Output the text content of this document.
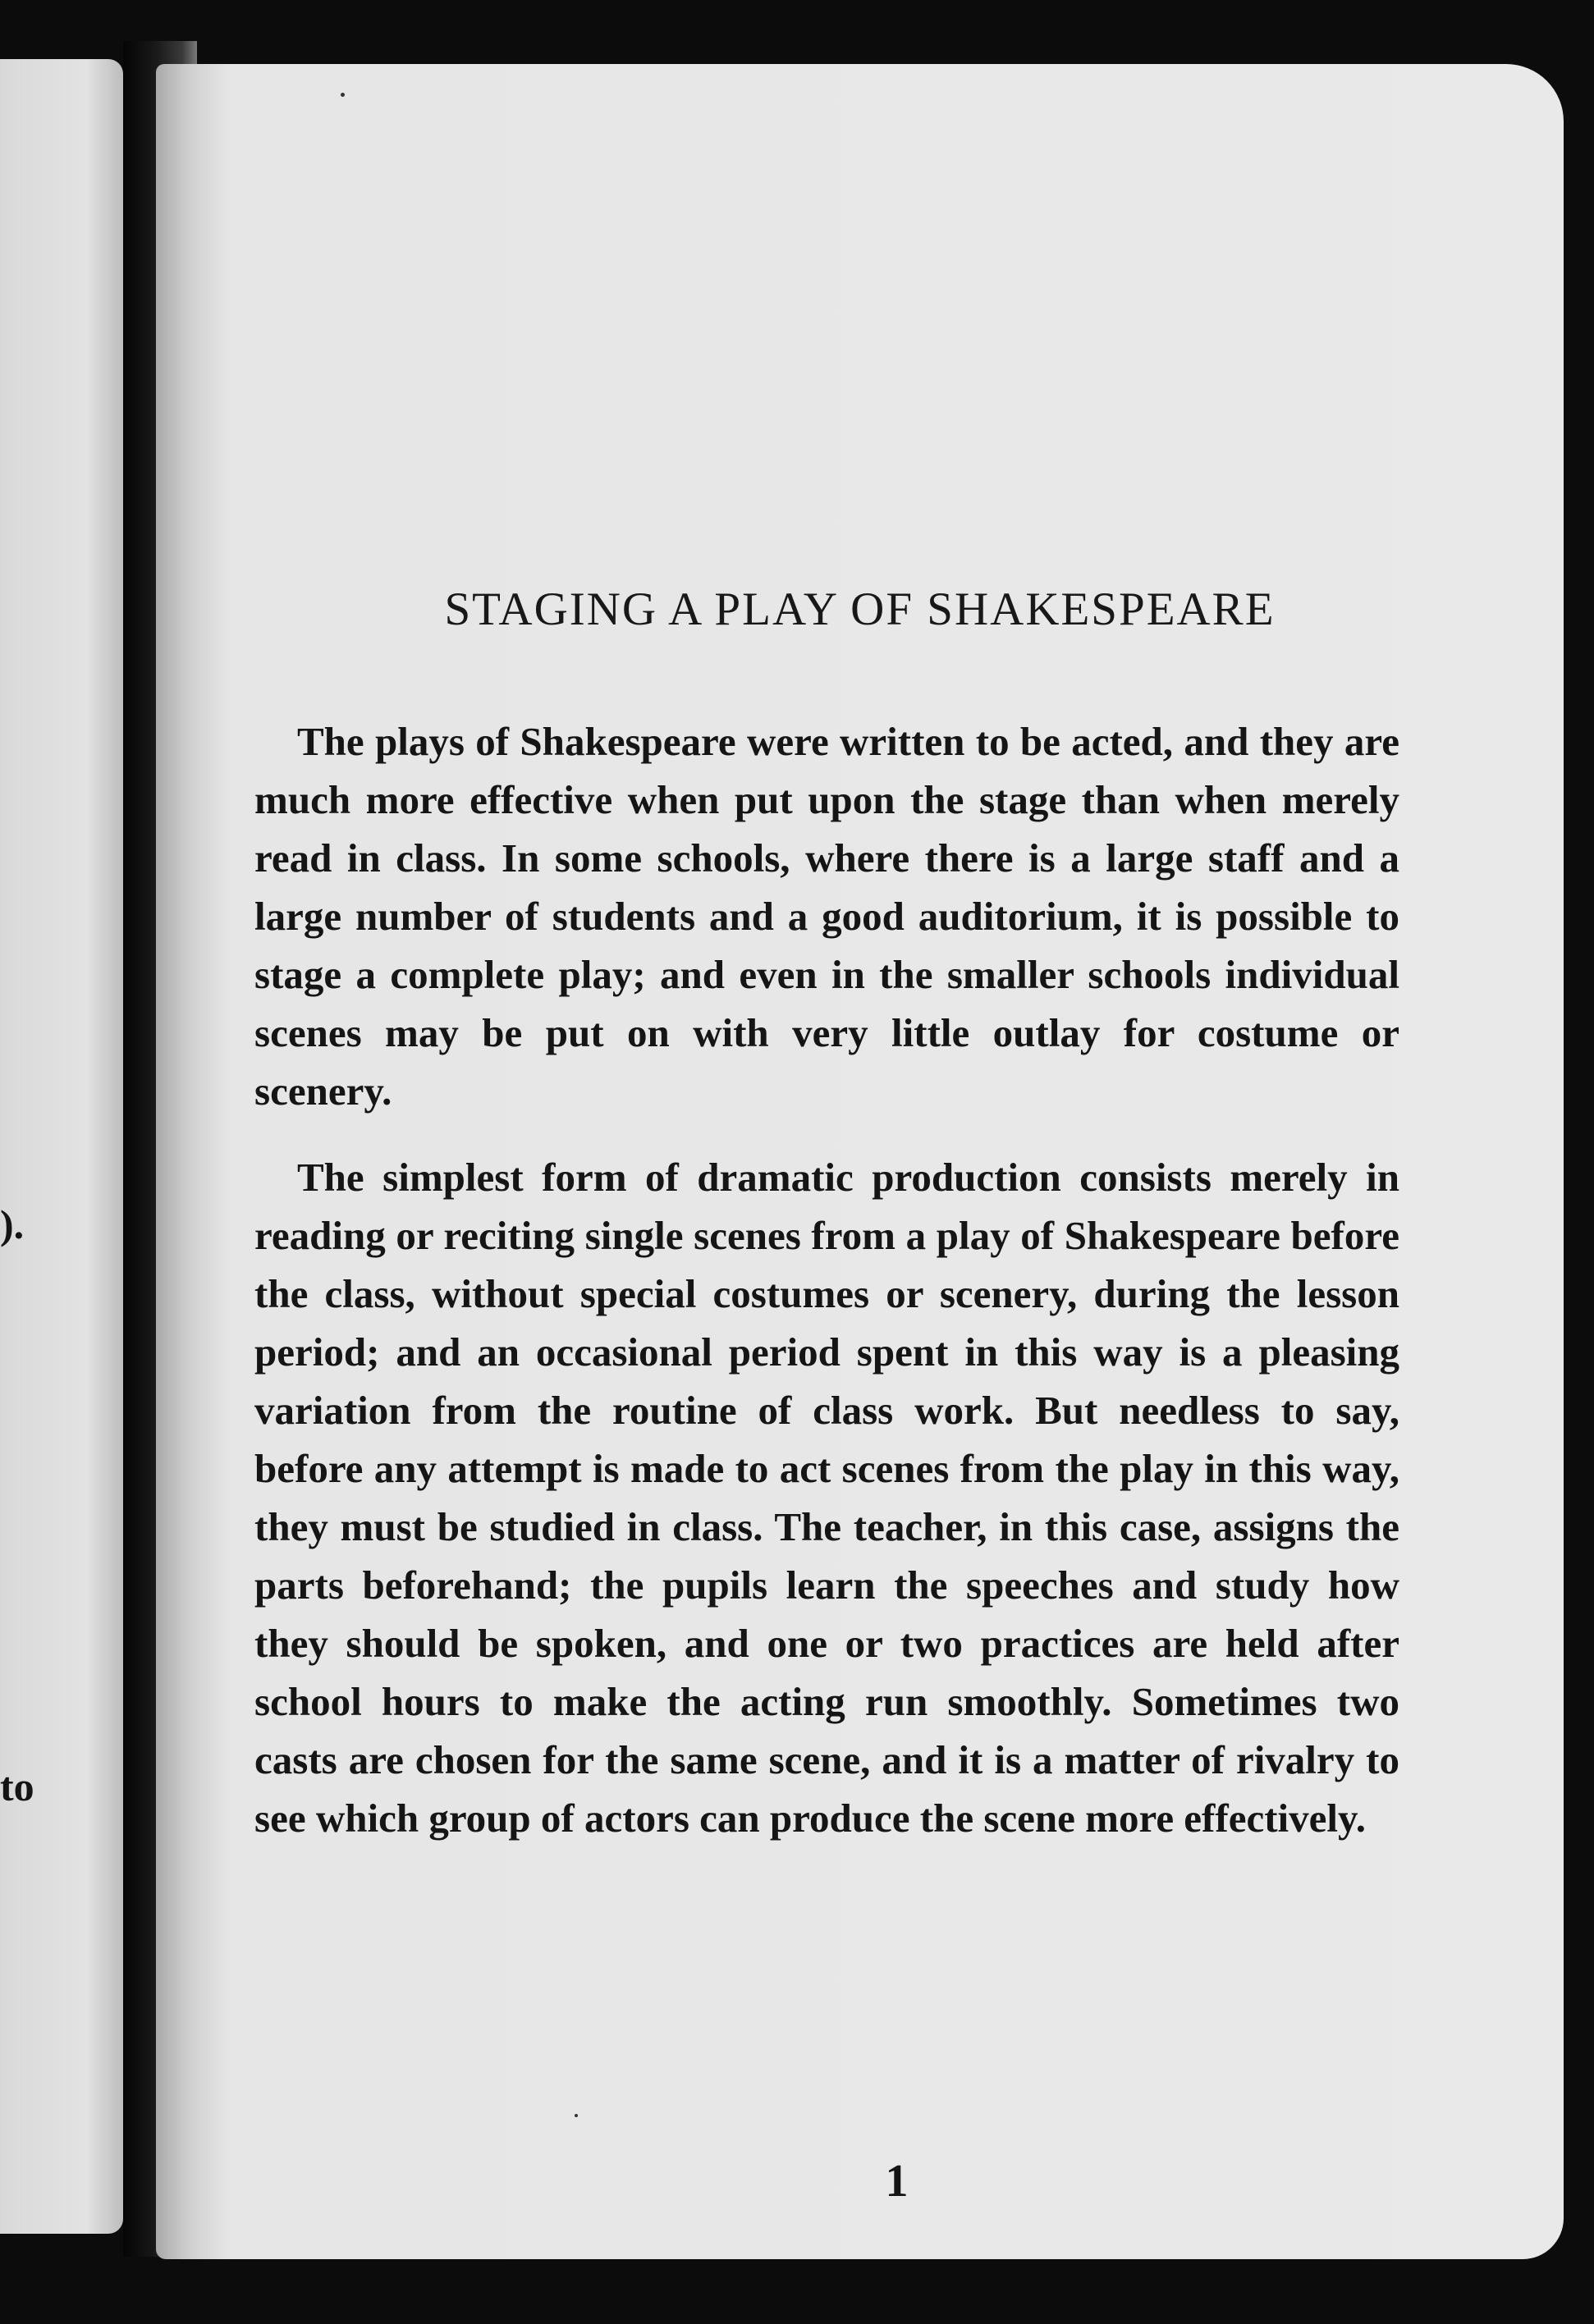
).
to
STAGING A PLAY OF SHAKESPEARE

The plays of Shakespeare were written to be acted, and they are much more effective when put upon the stage than when merely read in class. In some schools, where there is a large staff and a large number of students and a good auditorium, it is possible to stage a complete play; and even in the smaller schools individual scenes may be put on with very little outlay for costume or scenery.

The simplest form of dramatic production consists merely in reading or reciting single scenes from a play of Shakespeare before the class, without special costumes or scenery, during the lesson period; and an occasional period spent in this way is a pleasing variation from the routine of class work. But needless to say, before any attempt is made to act scenes from the play in this way, they must be studied in class. The teacher, in this case, assigns the parts beforehand; the pupils learn the speeches and study how they should be spoken, and one or two practices are held after school hours to make the acting run smoothly. Sometimes two casts are chosen for the same scene, and it is a matter of rivalry to see which group of actors can produce the scene more effectively.

1
